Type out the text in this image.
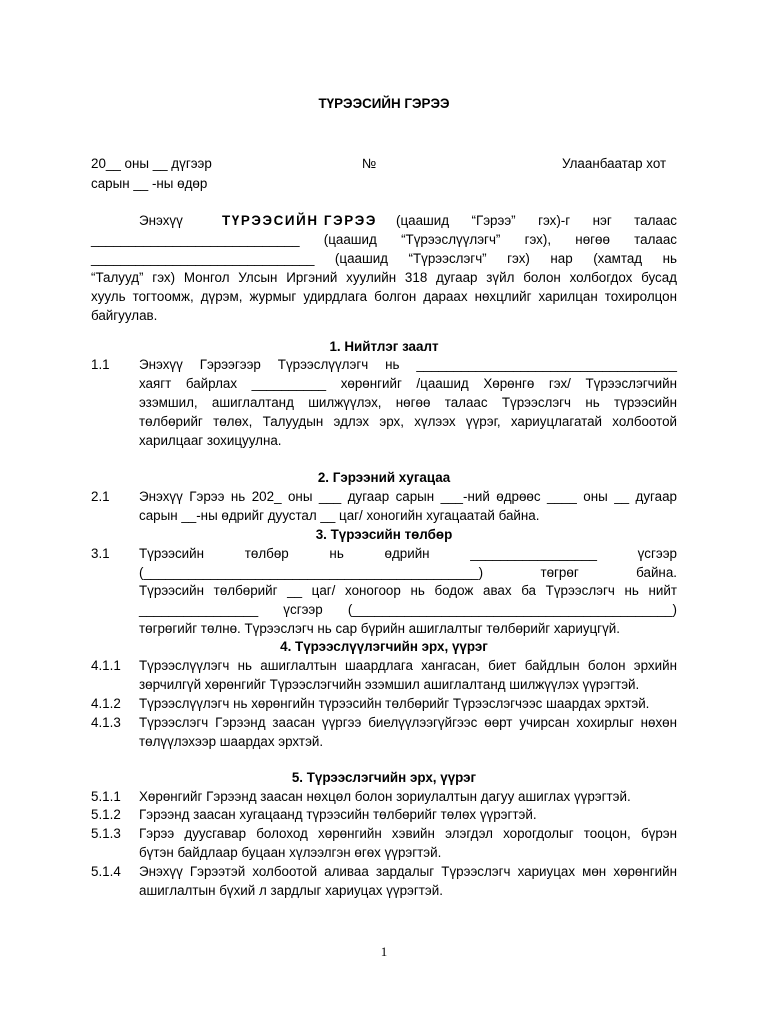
ТҮРЭЭСИЙН ГЭРЭЭ
20__ оны __ дүгээр	№	Улаанбаатар хот
сарын __ -ны өдөр
Энэхүү	ТҮРЭЭСИЙН ГЭРЭЭ (цаашид “Гэрээ” гэх)-г нэг талаас
____________________________ (цаашид “Түрээслүүлэгч” гэх), нөгөө талаас
______________________________ (цаашид “Түрээслэгч” гэх) нар (хамтад нь
“Талууд” гэх) Монгол Улсын Иргэний хуулийн 318 дугаар зүйл болон холбогдох бусад
хууль тогтоомж, дүрэм, журмыг удирдлага болгон дараах нөхцлийг харилцан тохиролцон
байгуулав.
1. Нийтлэг заалт
1.1 Энэхүү Гэрээгээр Түрээслүүлэгч нь ___________________________________
хаягт байрлах __________ хөрөнгийг /цаашид Хөрөнгө гэх/ Түрээслэгчийн
эзэмшил, ашиглалтанд шилжүүлэх, нөгөө талаас Түрээслэгч нь түрээсийн
төлбөрийг төлөх, Талуудын эдлэх эрх, хүлээх үүрэг, хариуцлагатай холбоотой
харилцааг зохицуулна.
2. Гэрээний хугацаа
2.1 Энэхүү Гэрээ нь 202_ оны ___ дугаар сарын ___-ний өдрөөс ____ оны __ дугаар
сарын __-ны өдрийг дуустал __ цаг/ хоногийн хугацаатай байна.
3. Түрээсийн төлбөр
3.1 Түрээсийн төлбөр нь өдрийн _________________ үсгээр
(_____________________________________________) төгрөг байна.
Түрээсийн төлбөрийг __ цаг/ хоногоор нь бодож авах ба Түрээслэгч нь нийт
________________ үсгээр (___________________________________________)
төгрөгийг төлнө. Түрээслэгч нь сар бүрийн ашиглалтыг төлбөрийг хариуцгүй.
4. Түрээслүүлэгчийн эрх, үүрэг
4.1.1 Түрээслүүлэгч нь ашиглалтын шаардлага хангасан, биет байдлын болон эрхийн
зөрчилгүй хөрөнгийг Түрээслэгчийн эзэмшил ашиглалтанд шилжүүлэх үүрэгтэй.
4.1.2 Түрээслүүлэгч нь хөрөнгийн түрээсийн төлбөрийг Түрээслэгчээс шаардах эрхтэй.
4.1.3 Түрээслэгч Гэрээнд заасан үүргээ биелүүлээгүйгээс өөрт учирсан хохирлыг нөхөн
төлүүлэхээр шаардах эрхтэй.
5. Түрээслэгчийн эрх, үүрэг
5.1.1 Хөрөнгийг Гэрээнд заасан нөхцөл болон зориулалтын дагуу ашиглах үүрэгтэй.
5.1.2 Гэрээнд заасан хугацаанд түрээсийн төлбөрийг төлөх үүрэгтэй.
5.1.3 Гэрээ дуусгавар болоход хөрөнгийн хэвийн элэгдэл хорогдолыг тооцон, бүрэн
бүтэн байдлаар буцаан хүлээлгэн өгөх үүрэгтэй.
5.1.4 Энэхүү Гэрээтэй холбоотой аливаа зардалыг Түрээслэгч хариуцах мөн хөрөнгийн
ашиглалтын бүхий л зардлыг хариуцах үүрэгтэй.
1
